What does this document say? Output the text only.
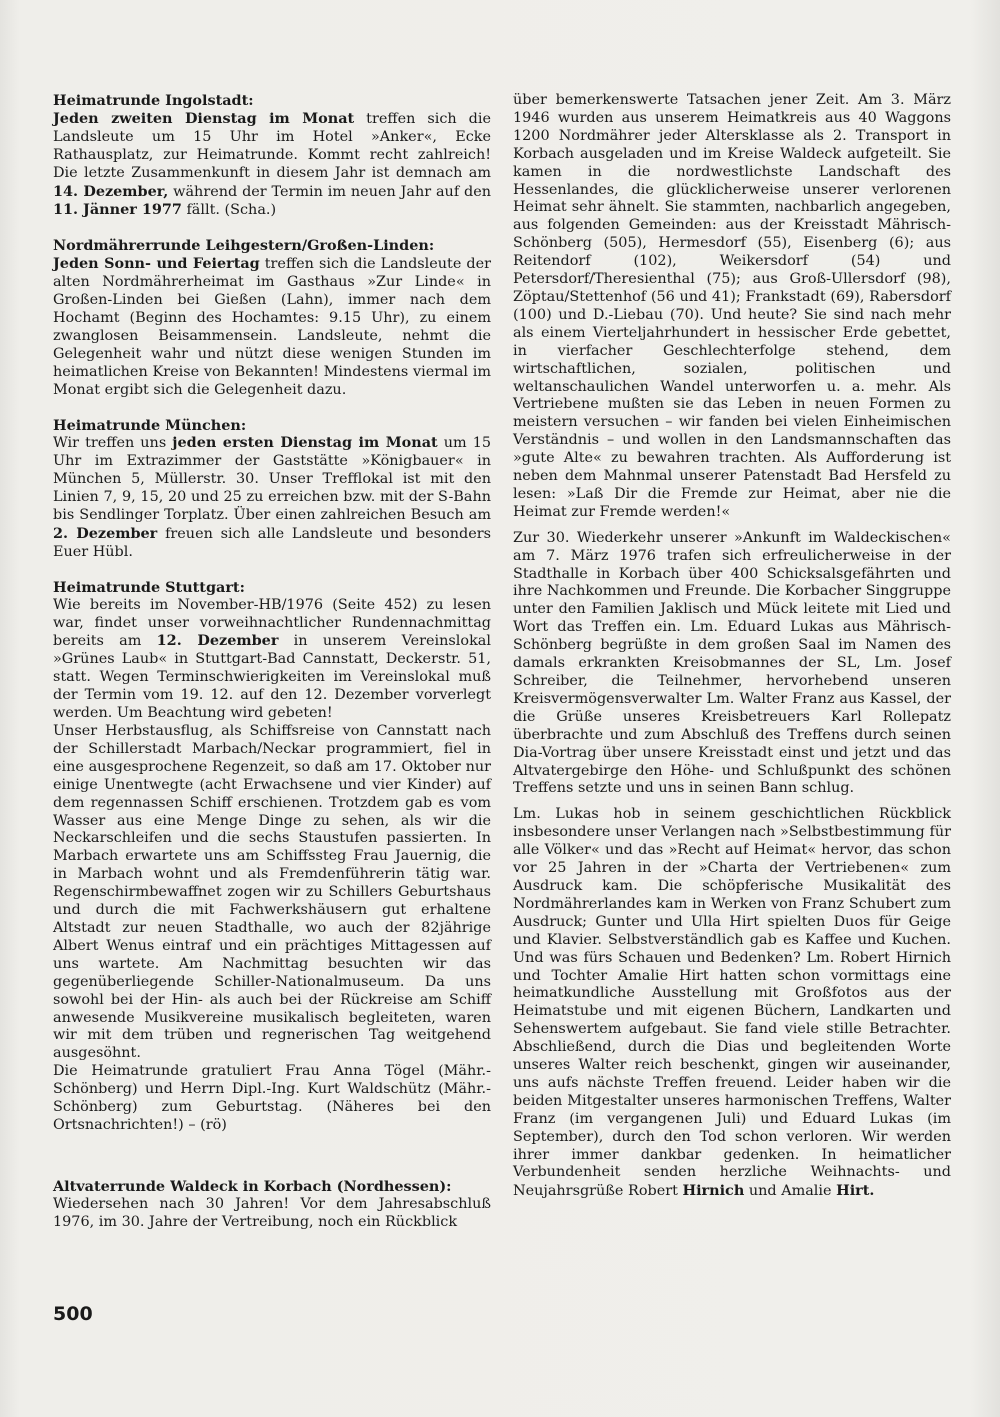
Heimatrunde Ingolstadt:
Jeden zweiten Dienstag im Monat treffen sich die Landsleute um 15 Uhr im Hotel »Anker«, Ecke Rathausplatz, zur Heimatrunde. Kommt recht zahlreich! Die letzte Zusammenkunft in diesem Jahr ist demnach am 14. Dezember, während der Termin im neuen Jahr auf den 11. Jänner 1977 fällt. (Scha.)
Nordmährerrunde Leihgestern/Großen-Linden:
Jeden Sonn- und Feiertag treffen sich die Landsleute der alten Nordmährerheimat im Gasthaus »Zur Linde« in Großen-Linden bei Gießen (Lahn), immer nach dem Hochamt (Beginn des Hochamtes: 9.15 Uhr), zu einem zwanglosen Beisammensein. Landsleute, nehmt die Gelegenheit wahr und nützt diese wenigen Stunden im heimatlichen Kreise von Bekannten! Mindestens viermal im Monat ergibt sich die Gelegenheit dazu.
Heimatrunde München:
Wir treffen uns jeden ersten Dienstag im Monat um 15 Uhr im Extrazimmer der Gaststätte »Königbauer« in München 5, Müllerstr. 30. Unser Trefflokal ist mit den Linien 7, 9, 15, 20 und 25 zu erreichen bzw. mit der S-Bahn bis Sendlinger Torplatz. Über einen zahlreichen Besuch am 2. Dezember freuen sich alle Landsleute und besonders Euer Hübl.
Heimatrunde Stuttgart:
Wie bereits im November-HB/1976 (Seite 452) zu lesen war, findet unser vorweihnachtlicher Rundennachmittag bereits am 12. Dezember in unserem Vereinslokal »Grünes Laub« in Stuttgart-Bad Cannstatt, Deckerstr. 51, statt. Wegen Terminschwierigkeiten im Vereinslokal muß der Termin vom 19. 12. auf den 12. Dezember vorverlegt werden. Um Beachtung wird gebeten!
Unser Herbstausflug, als Schiffsreise von Cannstatt nach der Schillerstadt Marbach/Neckar programmiert, fiel in eine ausgesprochene Regenzeit, so daß am 17. Oktober nur einige Unentwegte (acht Erwachsene und vier Kinder) auf dem regennassen Schiff erschienen. Trotzdem gab es vom Wasser aus eine Menge Dinge zu sehen, als wir die Neckarschleifen und die sechs Staustufen passierten. In Marbach erwartete uns am Schiffssteg Frau Jauernig, die in Marbach wohnt und als Fremdenführerin tätig war. Regenschirmbewaffnet zogen wir zu Schillers Geburtshaus und durch die mit Fachwerkshäusern gut erhaltene Altstadt zur neuen Stadthalle, wo auch der 82jährige Albert Wenus eintraf und ein prächtiges Mittagessen auf uns wartete. Am Nachmittag besuchten wir das gegenüberliegende Schiller-Nationalmuseum. Da uns sowohl bei der Hin- als auch bei der Rückreise am Schiff anwesende Musikvereine musikalisch begleiteten, waren wir mit dem trüben und regnerischen Tag weitgehend ausgesöhnt.
Die Heimatrunde gratuliert Frau Anna Tögel (Mähr.-Schönberg) und Herrn Dipl.-Ing. Kurt Waldschütz (Mähr.-Schönberg) zum Geburtstag. (Näheres bei den Ortsnachrichten!) – (rö)
Altvaterrunde Waldeck in Korbach (Nordhessen):
Wiedersehen nach 30 Jahren! Vor dem Jahresabschluß 1976, im 30. Jahre der Vertreibung, noch ein Rückblick
über bemerkenswerte Tatsachen jener Zeit. Am 3. März 1946 wurden aus unserem Heimatkreis aus 40 Waggons 1200 Nordmährer jeder Altersklasse als 2. Transport in Korbach ausgeladen und im Kreise Waldeck aufgeteilt. Sie kamen in die nordwestlichste Landschaft des Hessenlandes, die glücklicherweise unserer verlorenen Heimat sehr ähnelt. Sie stammten, nachbarlich angegeben, aus folgenden Gemeinden: aus der Kreisstadt Mährisch-Schönberg (505), Hermesdorf (55), Eisenberg (6); aus Reitendorf (102), Weikersdorf (54) und Petersdorf/Theresienthal (75); aus Groß-Ullersdorf (98), Zöptau/Stettenhof (56 und 41); Frankstadt (69), Rabersdorf (100) und D.-Liebau (70). Und heute? Sie sind nach mehr als einem Vierteljahrhundert in hessischer Erde gebettet, in vierfacher Geschlechterfolge stehend, dem wirtschaftlichen, sozialen, politischen und weltanschaulichen Wandel unterworfen u. a. mehr. Als Vertriebene mußten sie das Leben in neuen Formen zu meistern versuchen – wir fanden bei vielen Einheimischen Verständnis – und wollen in den Landsmannschaften das »gute Alte« zu bewahren trachten. Als Aufforderung ist neben dem Mahnmal unserer Patenstadt Bad Hersfeld zu lesen: »Laß Dir die Fremde zur Heimat, aber nie die Heimat zur Fremde werden!«
Zur 30. Wiederkehr unserer »Ankunft im Waldeckischen« am 7. März 1976 trafen sich erfreulicherweise in der Stadthalle in Korbach über 400 Schicksalsgefährten und ihre Nachkommen und Freunde. Die Korbacher Singgruppe unter den Familien Jaklisch und Mück leitete mit Lied und Wort das Treffen ein. Lm. Eduard Lukas aus Mährisch-Schönberg begrüßte in dem großen Saal im Namen des damals erkrankten Kreisobmannes der SL, Lm. Josef Schreiber, die Teilnehmer, hervorhebend unseren Kreisvermögensverwalter Lm. Walter Franz aus Kassel, der die Grüße unseres Kreisbetreuers Karl Rollepatz überbrachte und zum Abschluß des Treffens durch seinen Dia-Vortrag über unsere Kreisstadt einst und jetzt und das Altvatergebirge den Höhe- und Schlußpunkt des schönen Treffens setzte und uns in seinen Bann schlug.
Lm. Lukas hob in seinem geschichtlichen Rückblick insbesondere unser Verlangen nach »Selbstbestimmung für alle Völker« und das »Recht auf Heimat« hervor, das schon vor 25 Jahren in der »Charta der Vertriebenen« zum Ausdruck kam. Die schöpferische Musikalität des Nordmährerlandes kam in Werken von Franz Schubert zum Ausdruck; Gunter und Ulla Hirt spielten Duos für Geige und Klavier. Selbstverständlich gab es Kaffee und Kuchen. Und was fürs Schauen und Bedenken? Lm. Robert Hirnich und Tochter Amalie Hirt hatten schon vormittags eine heimatkundliche Ausstellung mit Großfotos aus der Heimatstube und mit eigenen Büchern, Landkarten und Sehenswertem aufgebaut. Sie fand viele stille Betrachter. Abschließend, durch die Dias und begleitenden Worte unseres Walter reich beschenkt, gingen wir auseinander, uns aufs nächste Treffen freuend. Leider haben wir die beiden Mitgestalter unseres harmonischen Treffens, Walter Franz (im vergangenen Juli) und Eduard Lukas (im September), durch den Tod schon verloren. Wir werden ihrer immer dankbar gedenken. In heimatlicher Verbundenheit senden herzliche Weihnachts- und Neujahrsgrüße Robert Hirnich und Amalie Hirt.
500
